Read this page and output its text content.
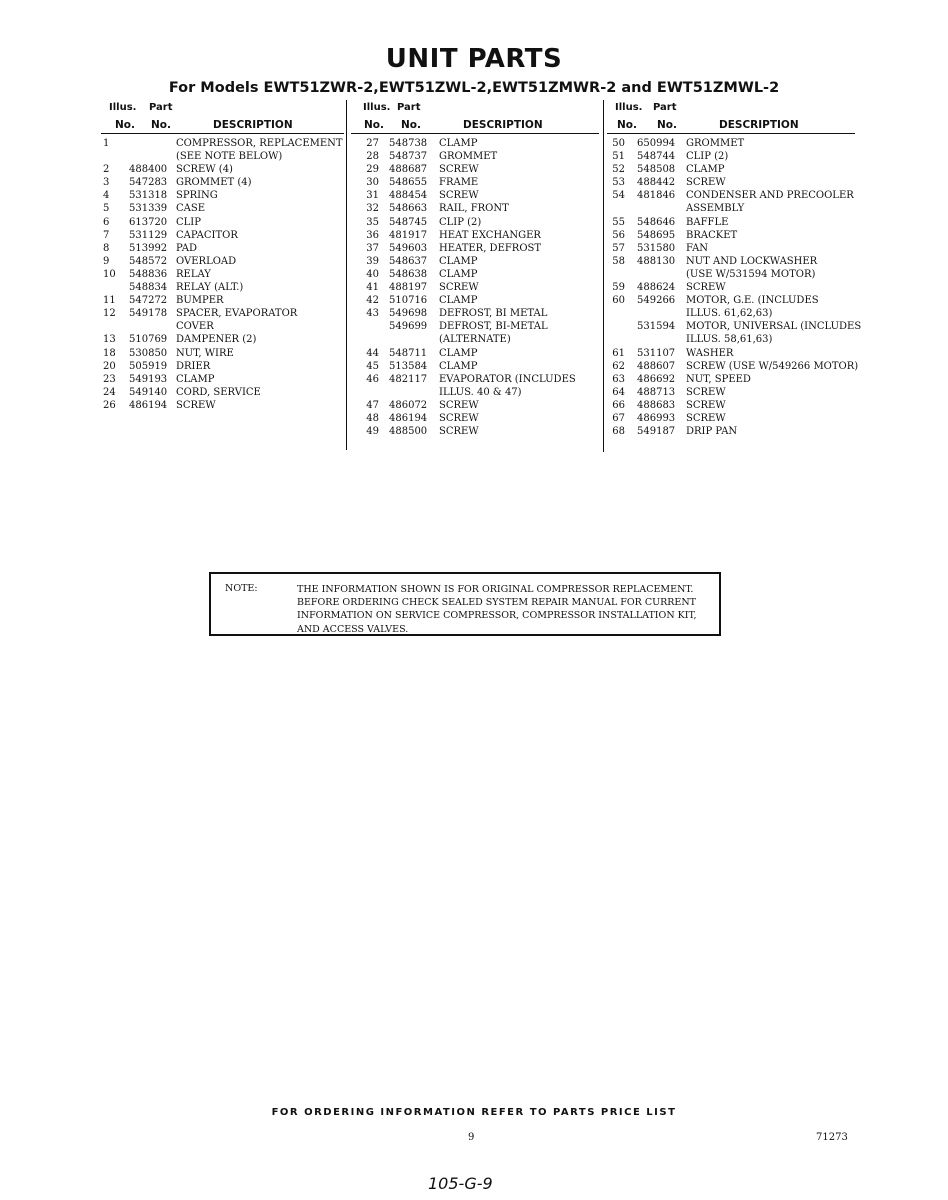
UNIT PARTS
For Models EWT51ZWR-2,EWT51ZWL-2,EWT51ZMWR-2 and EWT51ZMWL-2
Illus. Part
No. No.	DESCRIPTION
1	COMPRESSOR, REPLACEMENT
(SEE NOTE BELOW)
2 488400 SCREW (4)
3 547283 GROMMET (4)
4 531318 SPRING
5 531339 CASE
6 613720 CLIP
7 531129 CAPACITOR
8 513992 PAD
9 548572 OVERLOAD
10 548836 RELAY
548834 RELAY (ALT.)
11 547272 BUMPER
12 549178 SPACER, EVAPORATOR
COVER
13 510769 DAMPENER (2)
18 530850 NUT, WIRE
20 505919 DRIER
23 549193 CLAMP
24 549140 CORD, SERVICE
26 486194 SCREW
Illus. Part
No. No.	DESCRIPTION
27 548738 CLAMP
28 548737 GROMMET
29 488687 SCREW
30 548655 FRAME
31 488454 SCREW
32 548663 RAIL, FRONT
35 548745 CLIP (2)
36 481917 HEAT EXCHANGER
37 549603 HEATER, DEFROST
39 548637 CLAMP
40 548638 CLAMP
41 488197 SCREW
42 510716 CLAMP
43 549698 DEFROST, BI METAL
549699 DEFROST, BI-METAL
(ALTERNATE)
44 548711 CLAMP
45 513584 CLAMP
46 482117 EVAPORATOR (INCLUDES
ILLUS. 40 & 47)
47 486072 SCREW
48 486194 SCREW
49 488500 SCREW
Illus. Part
No. No.	DESCRIPTION
50 650994 GROMMET
51 548744 CLIP (2)
52 548508 CLAMP
53 488442 SCREW
54 481846 CONDENSER AND PRECOOLER
ASSEMBLY
55 548646 BAFFLE
56 548695 BRACKET
57 531580 FAN
58 488130 NUT AND LOCKWASHER
(USE W/531594 MOTOR)
59 488624 SCREW
60 549266 MOTOR, G.E. (INCLUDES
ILLUS. 61,62,63)
531594 MOTOR, UNIVERSAL (INCLUDES
ILLUS. 58,61,63)
61 531107 WASHER
62 488607 SCREW (USE W/549266 MOTOR)
63 486692 NUT, SPEED
64 488713 SCREW
66 488683 SCREW
67 486993 SCREW
68 549187 DRIP PAN
NOTE:	THE INFORMATION SHOWN IS FOR ORIGINAL COMPRESSOR REPLACEMENT. BEFORE ORDERING CHECK SEALED SYSTEM REPAIR MANUAL FOR CURRENT INFORMATION ON SERVICE COMPRESSOR, COMPRESSOR INSTALLATION KIT, AND ACCESS VALVES.
FOR ORDERING INFORMATION REFER TO PARTS PRICE LIST
9	71273
105-G-9
